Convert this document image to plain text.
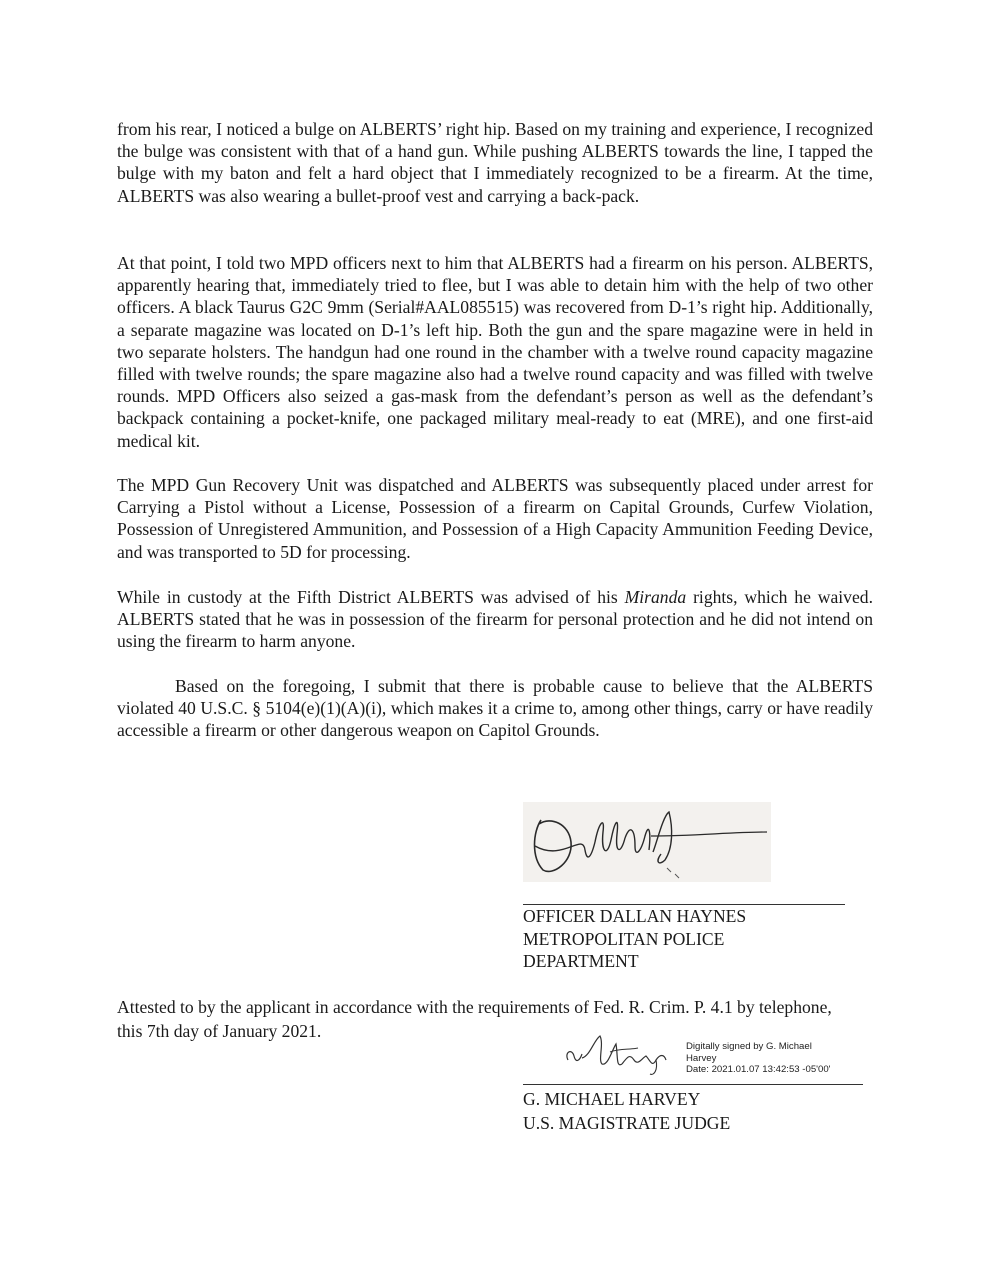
from his rear, I noticed a bulge on ALBERTS’ right hip. Based on my training and experience, I recognized the bulge was consistent with that of a hand gun. While pushing ALBERTS towards the line, I tapped the bulge with my baton and felt a hard object that I immediately recognized to be a firearm. At the time, ALBERTS was also wearing a bullet-proof vest and carrying a back-pack.

At that point, I told two MPD officers next to him that ALBERTS had a firearm on his person. ALBERTS, apparently hearing that, immediately tried to flee, but I was able to detain him with the help of two other officers. A black Taurus G2C 9mm (Serial#AAL085515) was recovered from D-1’s right hip. Additionally, a separate magazine was located on D-1’s left hip. Both the gun and the spare magazine were in held in two separate holsters. The handgun had one round in the chamber with a twelve round capacity magazine filled with twelve rounds; the spare magazine also had a twelve round capacity and was filled with twelve rounds. MPD Officers also seized a gas-mask from the defendant’s person as well as the defendant’s backpack containing a pocket-knife, one packaged military meal-ready to eat (MRE), and one first-aid medical kit.

The MPD Gun Recovery Unit was dispatched and ALBERTS was subsequently placed under arrest for Carrying a Pistol without a License, Possession of a firearm on Capital Grounds, Curfew Violation, Possession of Unregistered Ammunition, and Possession of a High Capacity Ammunition Feeding Device, and was transported to 5D for processing.

While in custody at the Fifth District ALBERTS was advised of his Miranda rights, which he waived. ALBERTS stated that he was in possession of the firearm for personal protection and he did not intend on using the firearm to harm anyone.

Based on the foregoing, I submit that there is probable cause to believe that the ALBERTS violated 40 U.S.C. § 5104(e)(1)(A)(i), which makes it a crime to, among other things, carry or have readily accessible a firearm or other dangerous weapon on Capitol Grounds.

OFFICER DALLAN HAYNES
METROPOLITAN POLICE
DEPARTMENT

Attested to by the applicant in accordance with the requirements of Fed. R. Crim. P. 4.1 by telephone, this 7th day of January 2021.

Digitally signed by G. Michael
Harvey
Date: 2021.01.07 13:42:53 -05'00'
G. MICHAEL HARVEY
U.S. MAGISTRATE JUDGE
